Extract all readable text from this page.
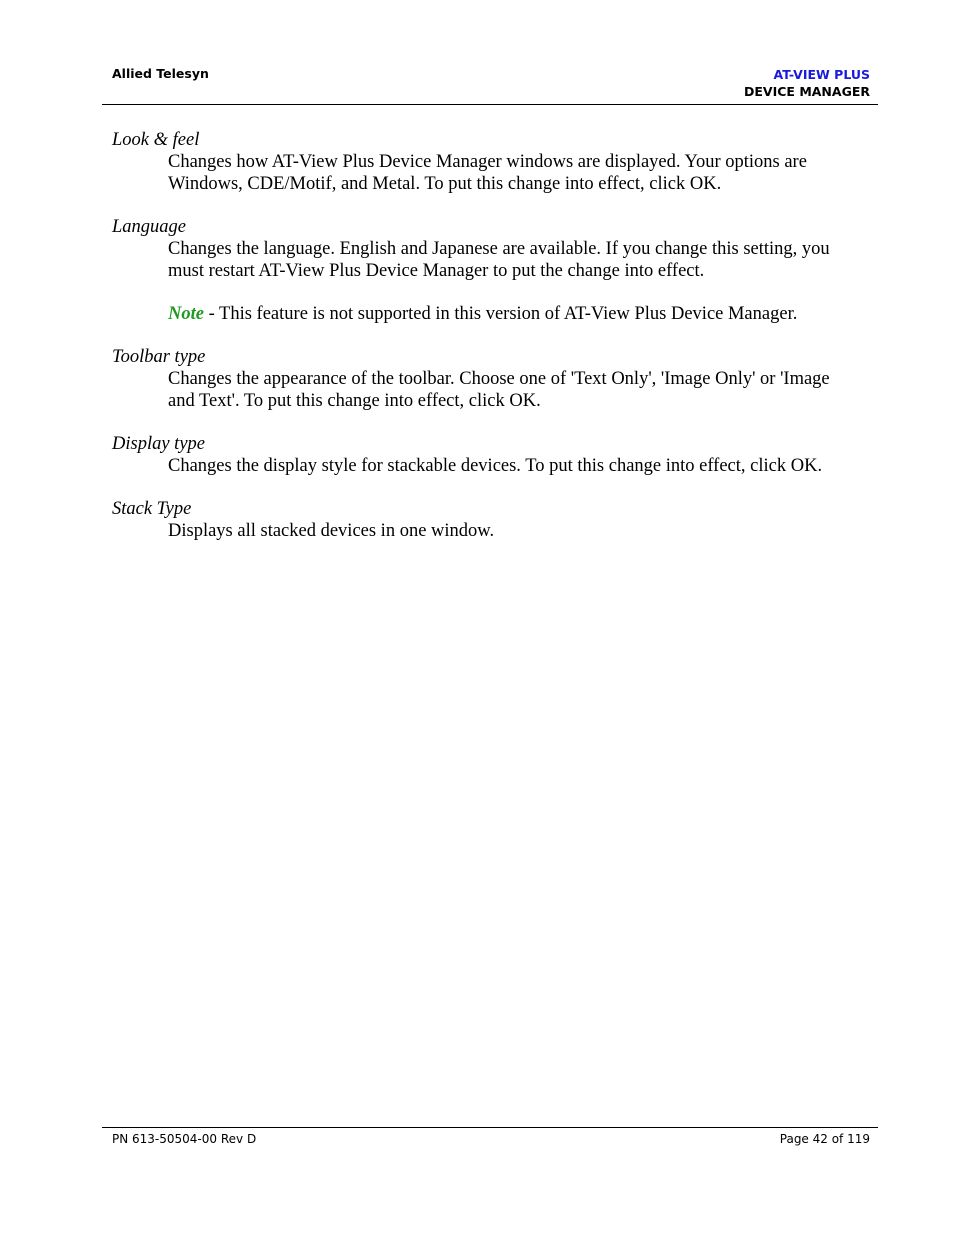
Allied Telesyn	AT-VIEW PLUS
DEVICE MANAGER

Look & feel

Changes how AT-View Plus Device Manager windows are displayed. Your options are

Windows, CDE/Motif, and Metal. To put this change into effect, click OK.

Language

Changes the language. English and Japanese are available. If you change this setting, you

must restart AT-View Plus Device Manager to put the change into effect.

Note - This feature is not supported in this version of AT-View Plus Device Manager.

Toolbar type

Changes the appearance of the toolbar. Choose one of 'Text Only', 'Image Only' or 'Image

and Text'. To put this change into effect, click OK.

Display type

Changes the display style for stackable devices. To put this change into effect, click OK.

Stack Type

Displays all stacked devices in one window.

PN 613-50504-00 Rev D	Page 42 of 119
